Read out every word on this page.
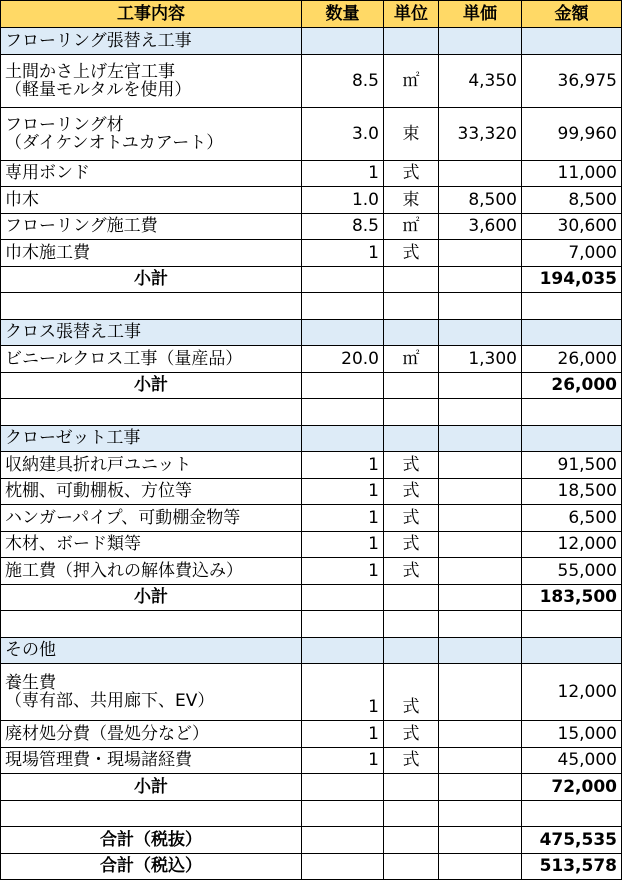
工事内容	数量	単位	単価	金額
フローリング張替え工事				

土間かさ上げ左官工事
（軽量モルタルを使用）	8.5	㎡	4,350	36,975

フローリング材
（ダイケンオトユカアート）	3.0	束	33,320	99,960

専用ボンド	1	式		11,000

巾木	1.0	束	8,500	8,500

フローリング施工費	8.5	㎡	3,600	30,600

巾木施工費	1	式		7,000
小計				194,035

クロス張替え工事				

ビニールクロス工事（量産品）	20.0	㎡	1,300	26,000
小計				26,000

クローゼット工事				

収納建具折れ戸ユニット	1	式		91,500

枕棚、可動棚板、方位等	1	式		18,500

ハンガーパイプ、可動棚金物等	1	式		6,500

木材、ボード類等	1	式		12,000

施工費（押入れの解体費込み）	1	式		55,000
小計				183,500

その他				

養生費
（専有部、共用廊下、EV）	1	式		12,000

廃材処分費（畳処分など）	1	式		15,000

現場管理費・現場諸経費	1	式		45,000
小計				72,000

合計（税抜）				475,535
合計（税込）				513,578
